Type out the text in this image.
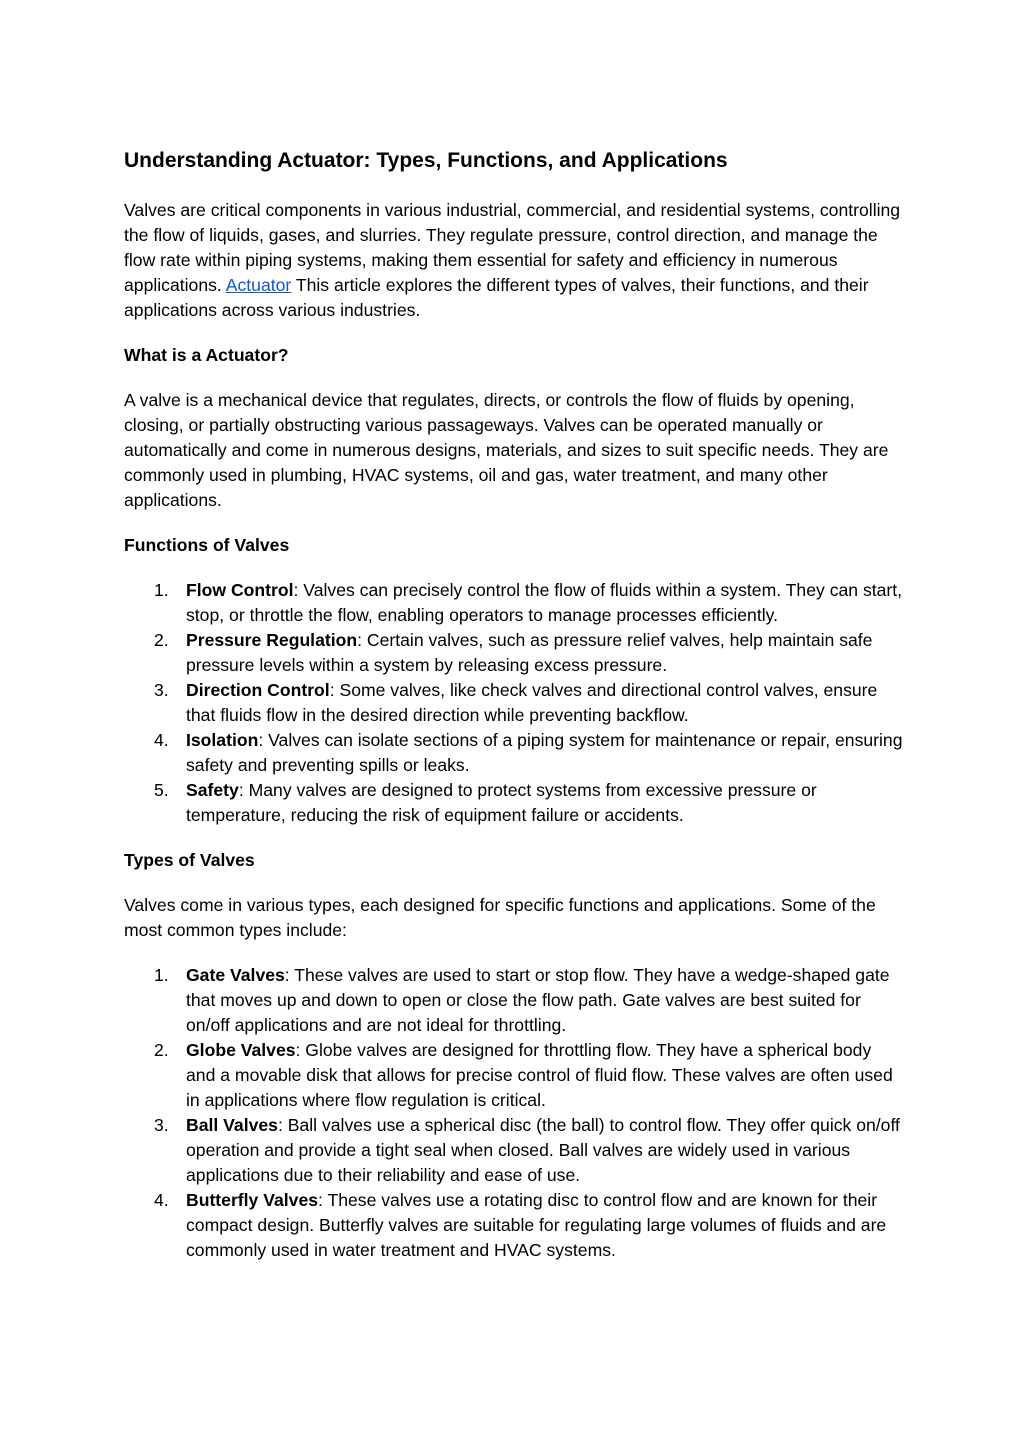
Understanding Actuator: Types, Functions, and Applications

Valves are critical components in various industrial, commercial, and residential systems, controlling the flow of liquids, gases, and slurries. They regulate pressure, control direction, and manage the flow rate within piping systems, making them essential for safety and efficiency in numerous applications. Actuator This article explores the different types of valves, their functions, and their applications across various industries.

What is a Actuator?

A valve is a mechanical device that regulates, directs, or controls the flow of fluids by opening, closing, or partially obstructing various passageways. Valves can be operated manually or automatically and come in numerous designs, materials, and sizes to suit specific needs. They are commonly used in plumbing, HVAC systems, oil and gas, water treatment, and many other applications.

Functions of Valves
1. Flow Control: Valves can precisely control the flow of fluids within a system. They can start, stop, or throttle the flow, enabling operators to manage processes efficiently.
2. Pressure Regulation: Certain valves, such as pressure relief valves, help maintain safe pressure levels within a system by releasing excess pressure.
3. Direction Control: Some valves, like check valves and directional control valves, ensure that fluids flow in the desired direction while preventing backflow.
4. Isolation: Valves can isolate sections of a piping system for maintenance or repair, ensuring safety and preventing spills or leaks.
5. Safety: Many valves are designed to protect systems from excessive pressure or temperature, reducing the risk of equipment failure or accidents.
Types of Valves

Valves come in various types, each designed for specific functions and applications. Some of the most common types include:

1. Gate Valves: These valves are used to start or stop flow. They have a wedge-shaped gate that moves up and down to open or close the flow path. Gate valves are best suited for on/off applications and are not ideal for throttling.
2. Globe Valves: Globe valves are designed for throttling flow. They have a spherical body and a movable disk that allows for precise control of fluid flow. These valves are often used in applications where flow regulation is critical.
3. Ball Valves: Ball valves use a spherical disc (the ball) to control flow. They offer quick on/off operation and provide a tight seal when closed. Ball valves are widely used in various applications due to their reliability and ease of use.
4. Butterfly Valves: These valves use a rotating disc to control flow and are known for their compact design. Butterfly valves are suitable for regulating large volumes of fluids and are commonly used in water treatment and HVAC systems.
